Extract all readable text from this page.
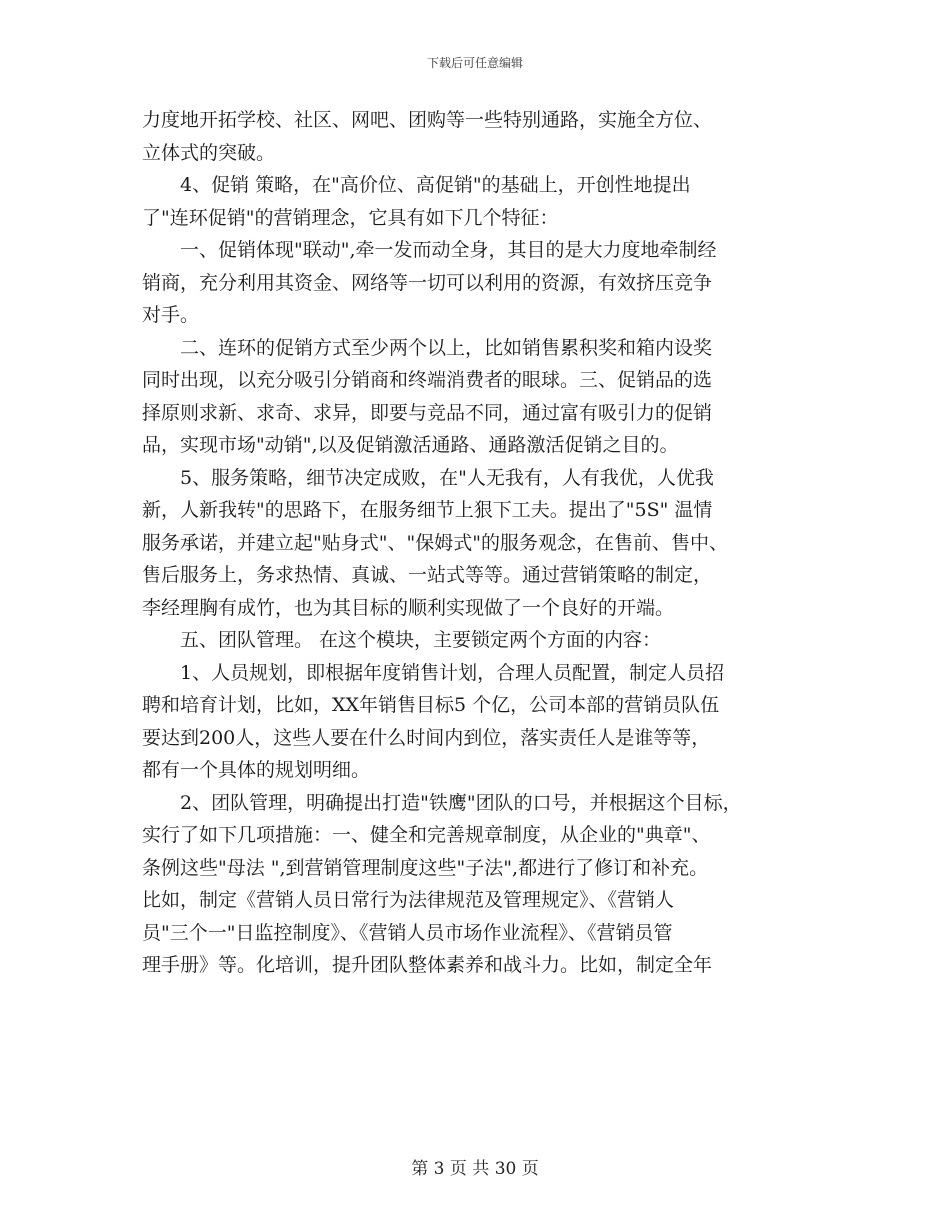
下载后可任意编辑
力度地开拓学校、社区、网吧、团购等一些特别通路，实施全方位、
立体式的突破。
4、促销 策略，在"高价位、高促销"的基础上，开创性地提出
了"连环促销"的营销理念，它具有如下几个特征：
一、促销体现"联动",牵一发而动全身，其目的是大力度地牵制经
销商，充分利用其资金、网络等一切可以利用的资源，有效挤压竞争
对手。
二、连环的促销方式至少两个以上，比如销售累积奖和箱内设奖
同时出现，以充分吸引分销商和终端消费者的眼球。三、促销品的选
择原则求新、求奇、求异，即要与竞品不同，通过富有吸引力的促销
品，实现市场"动销",以及促销激活通路、通路激活促销之目的。
5、服务策略，细节决定成败，在"人无我有，人有我优，人优我
新，人新我转"的思路下，在服务细节上狠下工夫。提出了"5S" 温情
服务承诺，并建立起"贴身式"、"保姆式"的服务观念，在售前、售中、
售后服务上，务求热情、真诚、一站式等等。通过营销策略的制定，
李经理胸有成竹，也为其目标的顺利实现做了一个良好的开端。
五、团队管理。 在这个模块，主要锁定两个方面的内容：
1、人员规划，即根据年度销售计划，合理人员配置，制定人员招
聘和培育计划，比如，XX年销售目标5 个亿，公司本部的营销员队伍
要达到200人，这些人要在什么时间内到位，落实责任人是谁等等，
都有一个具体的规划明细。
2、团队管理，明确提出打造"铁鹰"团队的口号，并根据这个目标，
实行了如下几项措施：一、健全和完善规章制度，从企业的"典章"、
条例这些"母法 ",到营销管理制度这些"子法",都进行了修订和补充。
比如，制定《营销人员日常行为法律规范及管理规定》、《营销人
员"三个一"日监控制度》、《营销人员市场作业流程》、《营销员管
理手册》等。化培训，提升团队整体素养和战斗力。比如，制定全年
第 3 页 共 30 页
